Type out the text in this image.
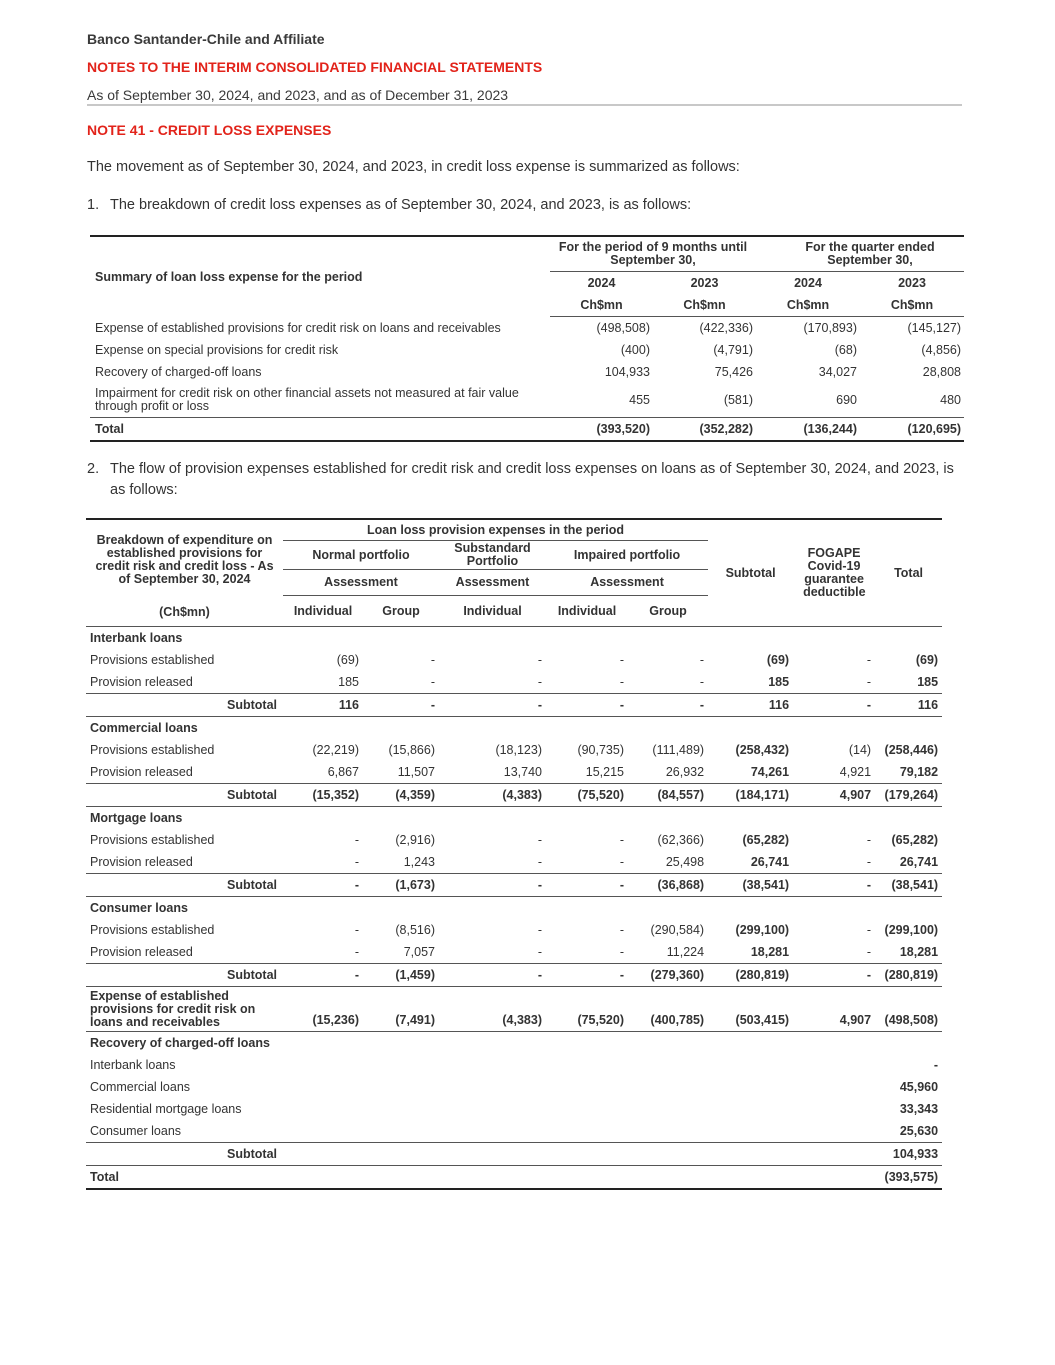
Banco Santander-Chile and Affiliate
NOTES TO THE INTERIM CONSOLIDATED FINANCIAL STATEMENTS
As of September 30, 2024, and 2023, and as of December 31, 2023
NOTE 41 - CREDIT LOSS EXPENSES
The movement as of September 30, 2024, and 2023, in credit loss expense is summarized as follows:
1. The breakdown of credit loss expenses as of September 30, 2024, and 2023, is as follows:
Summary of loan loss expense for the period	For the period of 9 months until September 30,		For the quarter ended September 30,	
	2024	2023	2024	2023
	Ch$mn	Ch$mn	Ch$mn	Ch$mn
Expense of established provisions for credit risk on loans and receivables	(498,508)	(422,336)	(170,893)	(145,127)
Expense on special provisions for credit risk	(400)	(4,791)	(68)	(4,856)
Recovery of charged-off loans	104,933	75,426	34,027	28,808
Impairment for credit risk on other financial assets not measured at fair value through profit or loss	455	(581)	690	480
Total	(393,520)	(352,282)	(136,244)	(120,695)
2. The flow of provision expenses established for credit risk and credit loss expenses on loans as of September 30, 2024, and 2023, is as follows:
Breakdown of expenditure on established provisions for credit risk and credit loss - As of September 30, 2024
(Ch$mn)	Loan loss provision expenses in the period					Subtotal	FOGAPE Covid-19 guarantee deductible	Total
	Normal portfolio		Substandard Portfolio	Impaired portfolio				
	Assessment		Assessment	Assessment				
	Individual	Group	Individual	Individual	Group			
Interbank loans								
Provisions established	(69)	-	-	-	-	(69)	-	(69)
Provision released	185	-	-	-	-	185	-	185
Subtotal	116	-	-	-	-	116	-	116
Commercial loans								
Provisions established	(22,219)	(15,866)	(18,123)	(90,735)	(111,489)	(258,432)	(14)	(258,446)
Provision released	6,867	11,507	13,740	15,215	26,932	74,261	4,921	79,182
Subtotal	(15,352)	(4,359)	(4,383)	(75,520)	(84,557)	(184,171)	4,907	(179,264)
Mortgage loans								
Provisions established	-	(2,916)	-	-	(62,366)	(65,282)	-	(65,282)
Provision released	-	1,243	-	-	25,498	26,741	-	26,741
Subtotal	-	(1,673)	-	-	(36,868)	(38,541)	-	(38,541)
Consumer loans								
Provisions established	-	(8,516)	-	-	(290,584)	(299,100)	-	(299,100)
Provision released	-	7,057	-	-	11,224	18,281	-	18,281
Subtotal	-	(1,459)	-	-	(279,360)	(280,819)	-	(280,819)
Expense of established provisions for credit risk on loans and receivables	(15,236)	(7,491)	(4,383)	(75,520)	(400,785)	(503,415)	4,907	(498,508)
Recovery of charged-off loans								
Interbank loans								-
Commercial loans								45,960
Residential mortgage loans								33,343
Consumer loans								25,630
Subtotal								104,933
Total								(393,575)
